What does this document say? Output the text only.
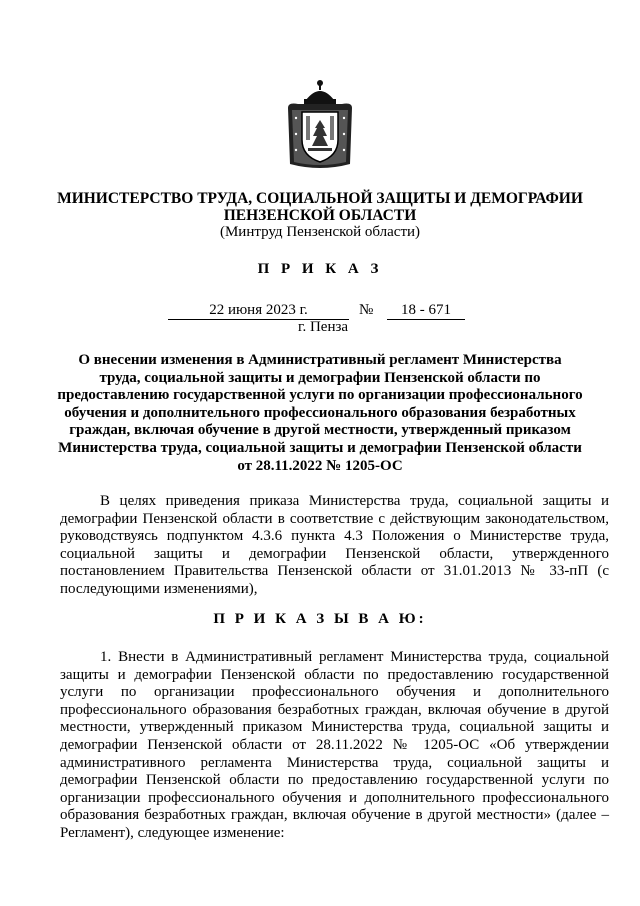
МИНИСТЕРСТВО ТРУДА, СОЦИАЛЬНОЙ ЗАЩИТЫ И ДЕМОГРАФИИ

ПЕНЗЕНСКОЙ ОБЛАСТИ

(Минтруд Пензенской области)

П Р И К А З

22 июня 2023 г.	№	18 - 671
г. Пенза

О внесении изменения в Административный регламент Министерства труда, социальной защиты и демографии Пензенской области по предоставлению государственной услуги по организации профессионального обучения и дополнительного профессионального образования безработных граждан, включая обучение в другой местности, утвержденный приказом Министерства труда, социальной защиты и демографии Пензенской области от 28.11.2022 № 1205-ОС

В целях приведения приказа Министерства труда, социальной защиты и демографии Пензенской области в соответствие с действующим законодательством, руководствуясь подпунктом 4.3.6 пункта 4.3 Положения о Министерстве труда, социальной защиты и демографии Пензенской области, утвержденного постановлением Правительства Пензенской области от 31.01.2013 № 33-пП (с последующими изменениями),

П Р И К А З Ы В А Ю:

1. Внести в Административный регламент Министерства труда, социальной защиты и демографии Пензенской области по предоставлению государственной услуги по организации профессионального обучения и дополнительного профессионального образования безработных граждан, включая обучение в другой местности, утвержденный приказом Министерства труда, социальной защиты и демографии Пензенской области от 28.11.2022 № 1205-ОС «Об утверждении административного регламента Министерства труда, социальной защиты и демографии Пензенской области по предоставлению государственной услуги по организации профессионального обучения и дополнительного профессионального образования безработных граждан, включая обучение в другой местности» (далее – Регламент), следующее изменение:
